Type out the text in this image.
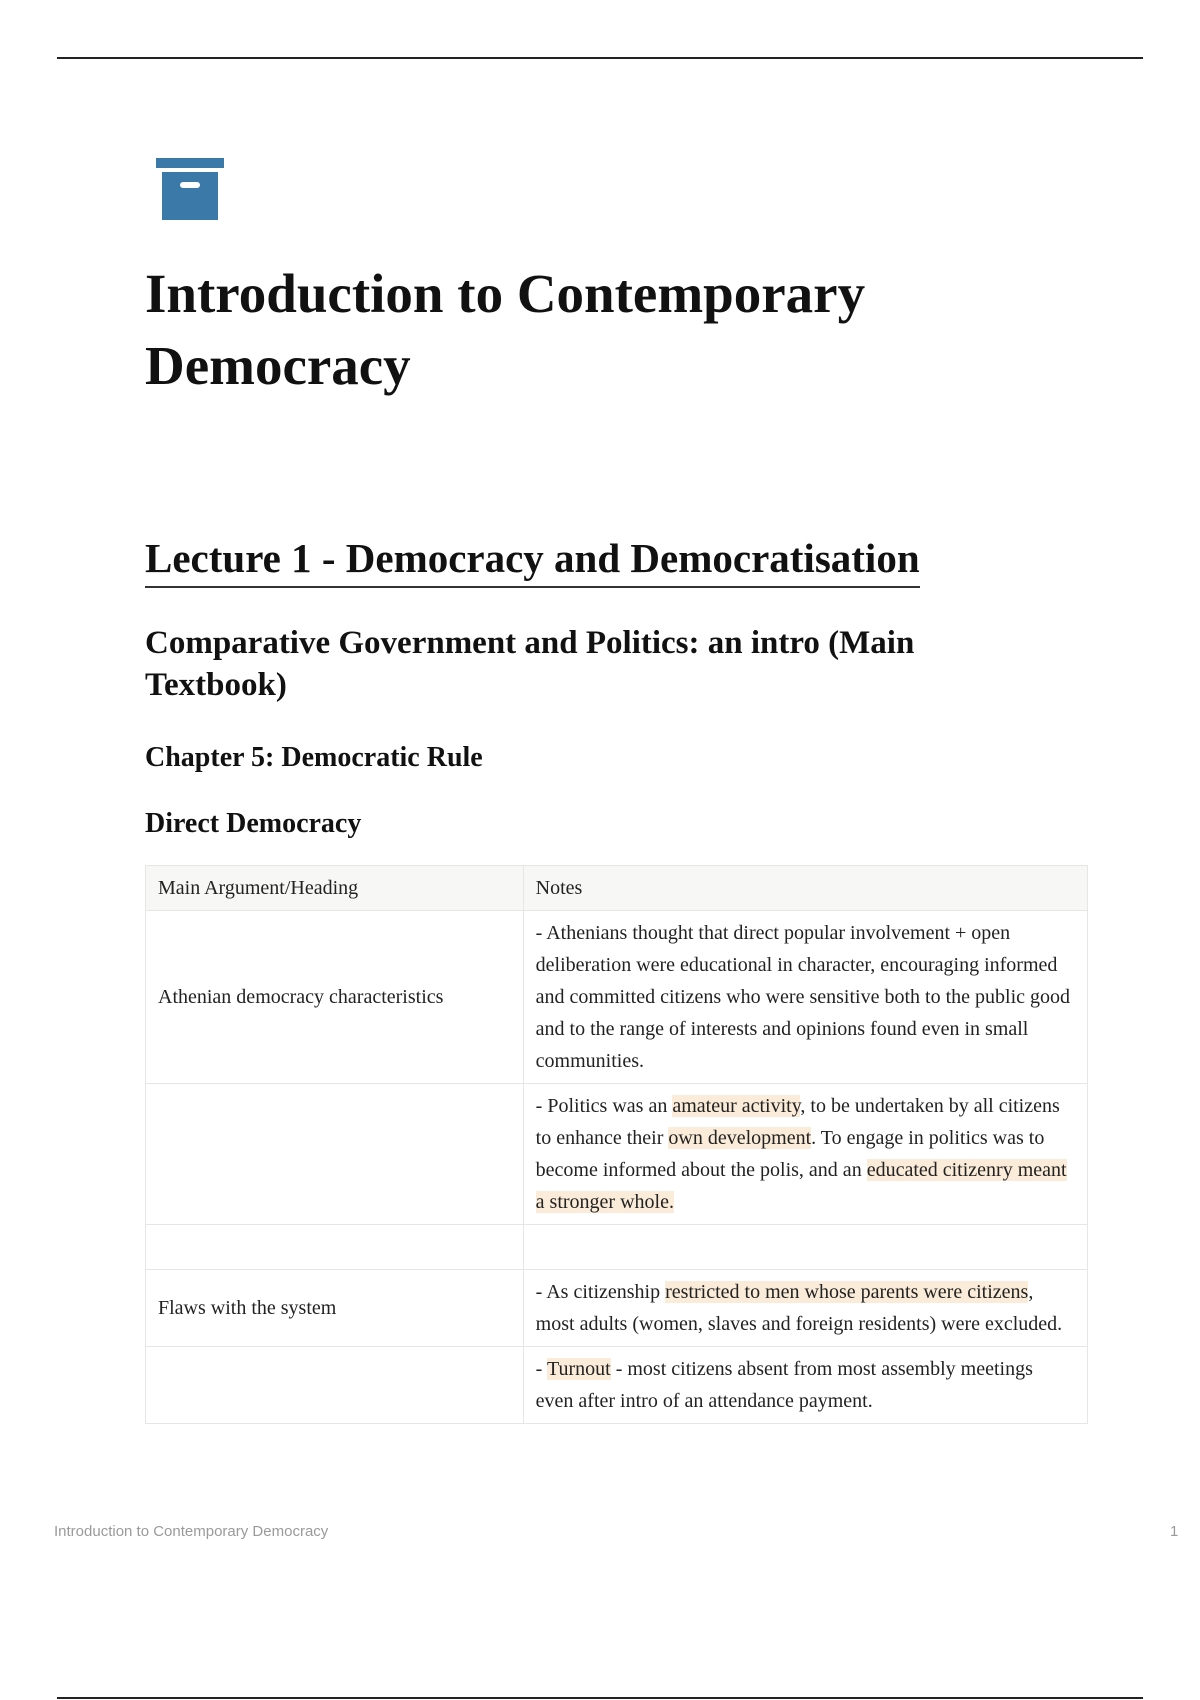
Introduction to Contemporary Democracy
Lecture 1 - Democracy and Democratisation
Comparative Government and Politics: an intro (Main Textbook)
Chapter 5: Democratic Rule
Direct Democracy
Main Argument/Heading	Notes
Athenian democracy characteristics	- Athenians thought that direct popular involvement + open deliberation were educational in character, encouraging informed and committed citizens who were sensitive both to the public good and to the range of interests and opinions found even in small communities.
	- Politics was an amateur activity, to be undertaken by all citizens to enhance their own development. To engage in politics was to become informed about the polis, and an educated citizenry meant a stronger whole.

Flaws with the system	- As citizenship restricted to men whose parents were citizens, most adults (women, slaves and foreign residents) were excluded.
	- Turnout - most citizens absent from most assembly meetings even after intro of an attendance payment.
Introduction to Contemporary Democracy	1
